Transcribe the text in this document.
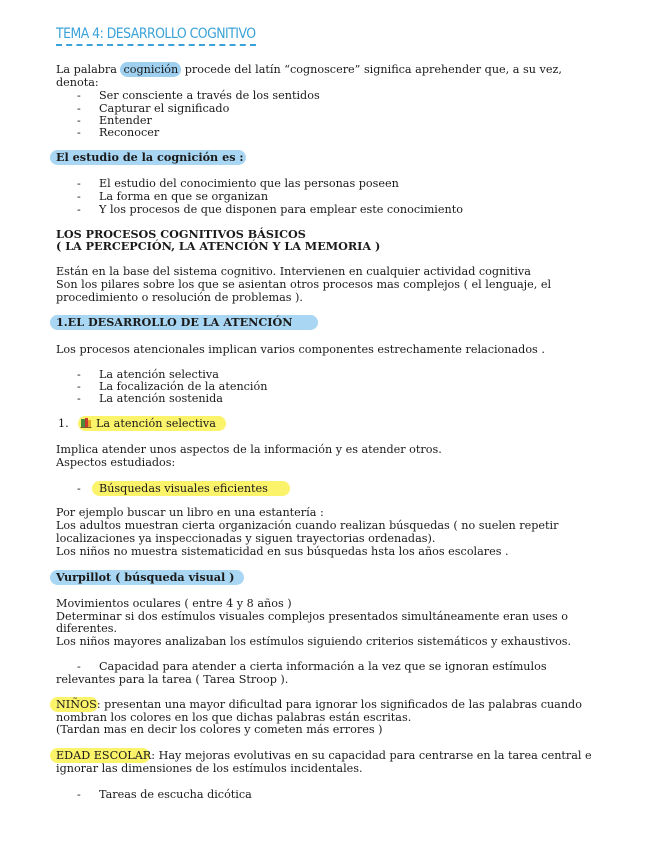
TEMA 4: DESARROLLO COGNITIVO
La palabra cognición procede del latín “cognoscere” significa aprehender que, a su vez,
denota:
- Ser consciente a través de los sentidos
- Capturar el significado
- Entender
- Reconocer
El estudio de la cognición es :
- El estudio del conocimiento que las personas poseen
- La forma en que se organizan
- Y los procesos de que disponen para emplear este conocimiento
LOS PROCESOS COGNITIVOS BÁSICOS
( LA PERCEPCIÓN, LA ATENCIÓN Y LA MEMORIA )
Están en la base del sistema cognitivo. Intervienen en cualquier actividad cognitiva
Son los pilares sobre los que se asientan otros procesos mas complejos ( el lenguaje, el
procedimiento o resolución de problemas ).
1.EL DESARROLLO DE LA ATENCIÓN
Los procesos atencionales implican varios componentes estrechamente relacionados .
- La atención selectiva
- La focalización de la atención
- La atención sostenida
1. La atención selectiva
Implica atender unos aspectos de la información y es atender otros.
Aspectos estudiados:
- Búsquedas visuales eficientes
Por ejemplo buscar un libro en una estantería :
Los adultos muestran cierta organización cuando realizan búsquedas ( no suelen repetir
localizaciones ya inspeccionadas y siguen trayectorias ordenadas).
Los niños no muestra sistematicidad en sus búsquedas hsta los años escolares .
Vurpillot ( búsqueda visual )
Movimientos oculares ( entre 4 y 8 años )
Determinar si dos estímulos visuales complejos presentados simultáneamente eran uses o
diferentes.
Los niños mayores analizaban los estímulos siguiendo criterios sistemáticos y exhaustivos.
- Capacidad para atender a cierta información a la vez que se ignoran estímulos
relevantes para la tarea ( Tarea Stroop ).
NIÑOS: presentan una mayor dificultad para ignorar los significados de las palabras cuando
nombran los colores en los que dichas palabras están escritas.
(Tardan mas en decir los colores y cometen más errores )
EDAD ESCOLAR: Hay mejoras evolutivas en su capacidad para centrarse en la tarea central e
ignorar las dimensiones de los estímulos incidentales.
- Tareas de escucha dicótica
